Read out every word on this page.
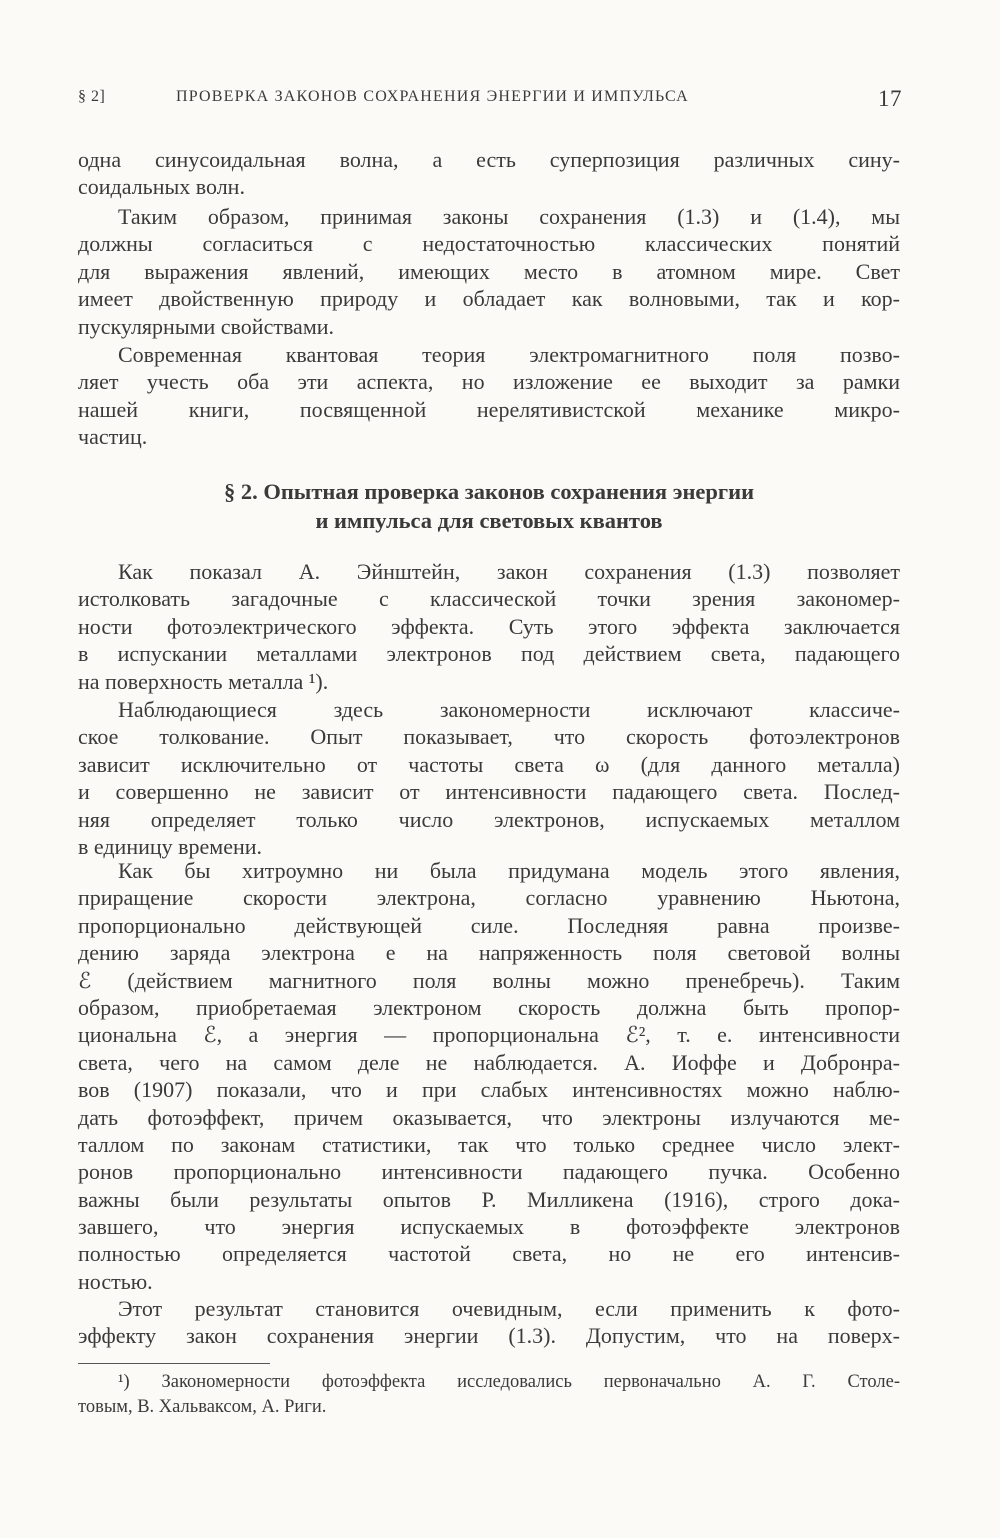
§ 2]	ПРОВЕРКА ЗАКОНОВ СОХРАНЕНИЯ ЭНЕРГИИ И ИМПУЛЬСА	17
одна синусоидальная волна, а есть суперпозиция различных сину-
соидальных волн.
Таким образом, принимая законы сохранения (1.3) и (1.4), мы
должны согласиться с недостаточностью классических понятий
для выражения явлений, имеющих место в атомном мире. Свет
имеет двойственную природу и обладает как волновыми, так и кор-
пускулярными свойствами.
Современная квантовая теория электромагнитного поля позво-
ляет учесть оба эти аспекта, но изложение ее выходит за рамки
нашей книги, посвященной нерелятивистской механике микро-
частиц.
§ 2. Опытная проверка законов сохранения энергии
и импульса для световых квантов
Как показал А. Эйнштейн, закон сохранения (1.3) позволяет
истолковать загадочные с классической точки зрения закономер-
ности фотоэлектрического эффекта. Суть этого эффекта заключается
в испускании металлами электронов под действием света, падающего
на поверхность металла ¹).
Наблюдающиеся здесь закономерности исключают классиче-
ское толкование. Опыт показывает, что скорость фотоэлектронов
зависит исключительно от частоты света ω (для данного металла)
и совершенно не зависит от интенсивности падающего света. Послед-
няя определяет только число электронов, испускаемых металлом
в единицу времени.
Как бы хитроумно ни была придумана модель этого явления,
приращение скорости электрона, согласно уравнению Ньютона,
пропорционально действующей силе. Последняя равна произве-
дению заряда электрона e на напряженность поля световой волны
ℰ (действием магнитного поля волны можно пренебречь). Таким
образом, приобретаемая электроном скорость должна быть пропор-
циональна ℰ, а энергия — пропорциональна ℰ², т. е. интенсивности
света, чего на самом деле не наблюдается. А. Иоффе и Добронра-
вов (1907) показали, что и при слабых интенсивностях можно наблю-
дать фотоэффект, причем оказывается, что электроны излучаются ме-
таллом по законам статистики, так что только среднее число элект-
ронов пропорционально интенсивности падающего пучка. Особенно
важны были результаты опытов Р. Милликена (1916), строго дока-
завшего, что энергия испускаемых в фотоэффекте электронов
полностью определяется частотой света, но не его интенсив-
ностью.
Этот результат становится очевидным, если применить к фото-
эффекту закон сохранения энергии (1.3). Допустим, что на поверх-
¹) Закономерности фотоэффекта исследовались первоначально А. Г. Столе-
товым, В. Хальваксом, А. Риги.
